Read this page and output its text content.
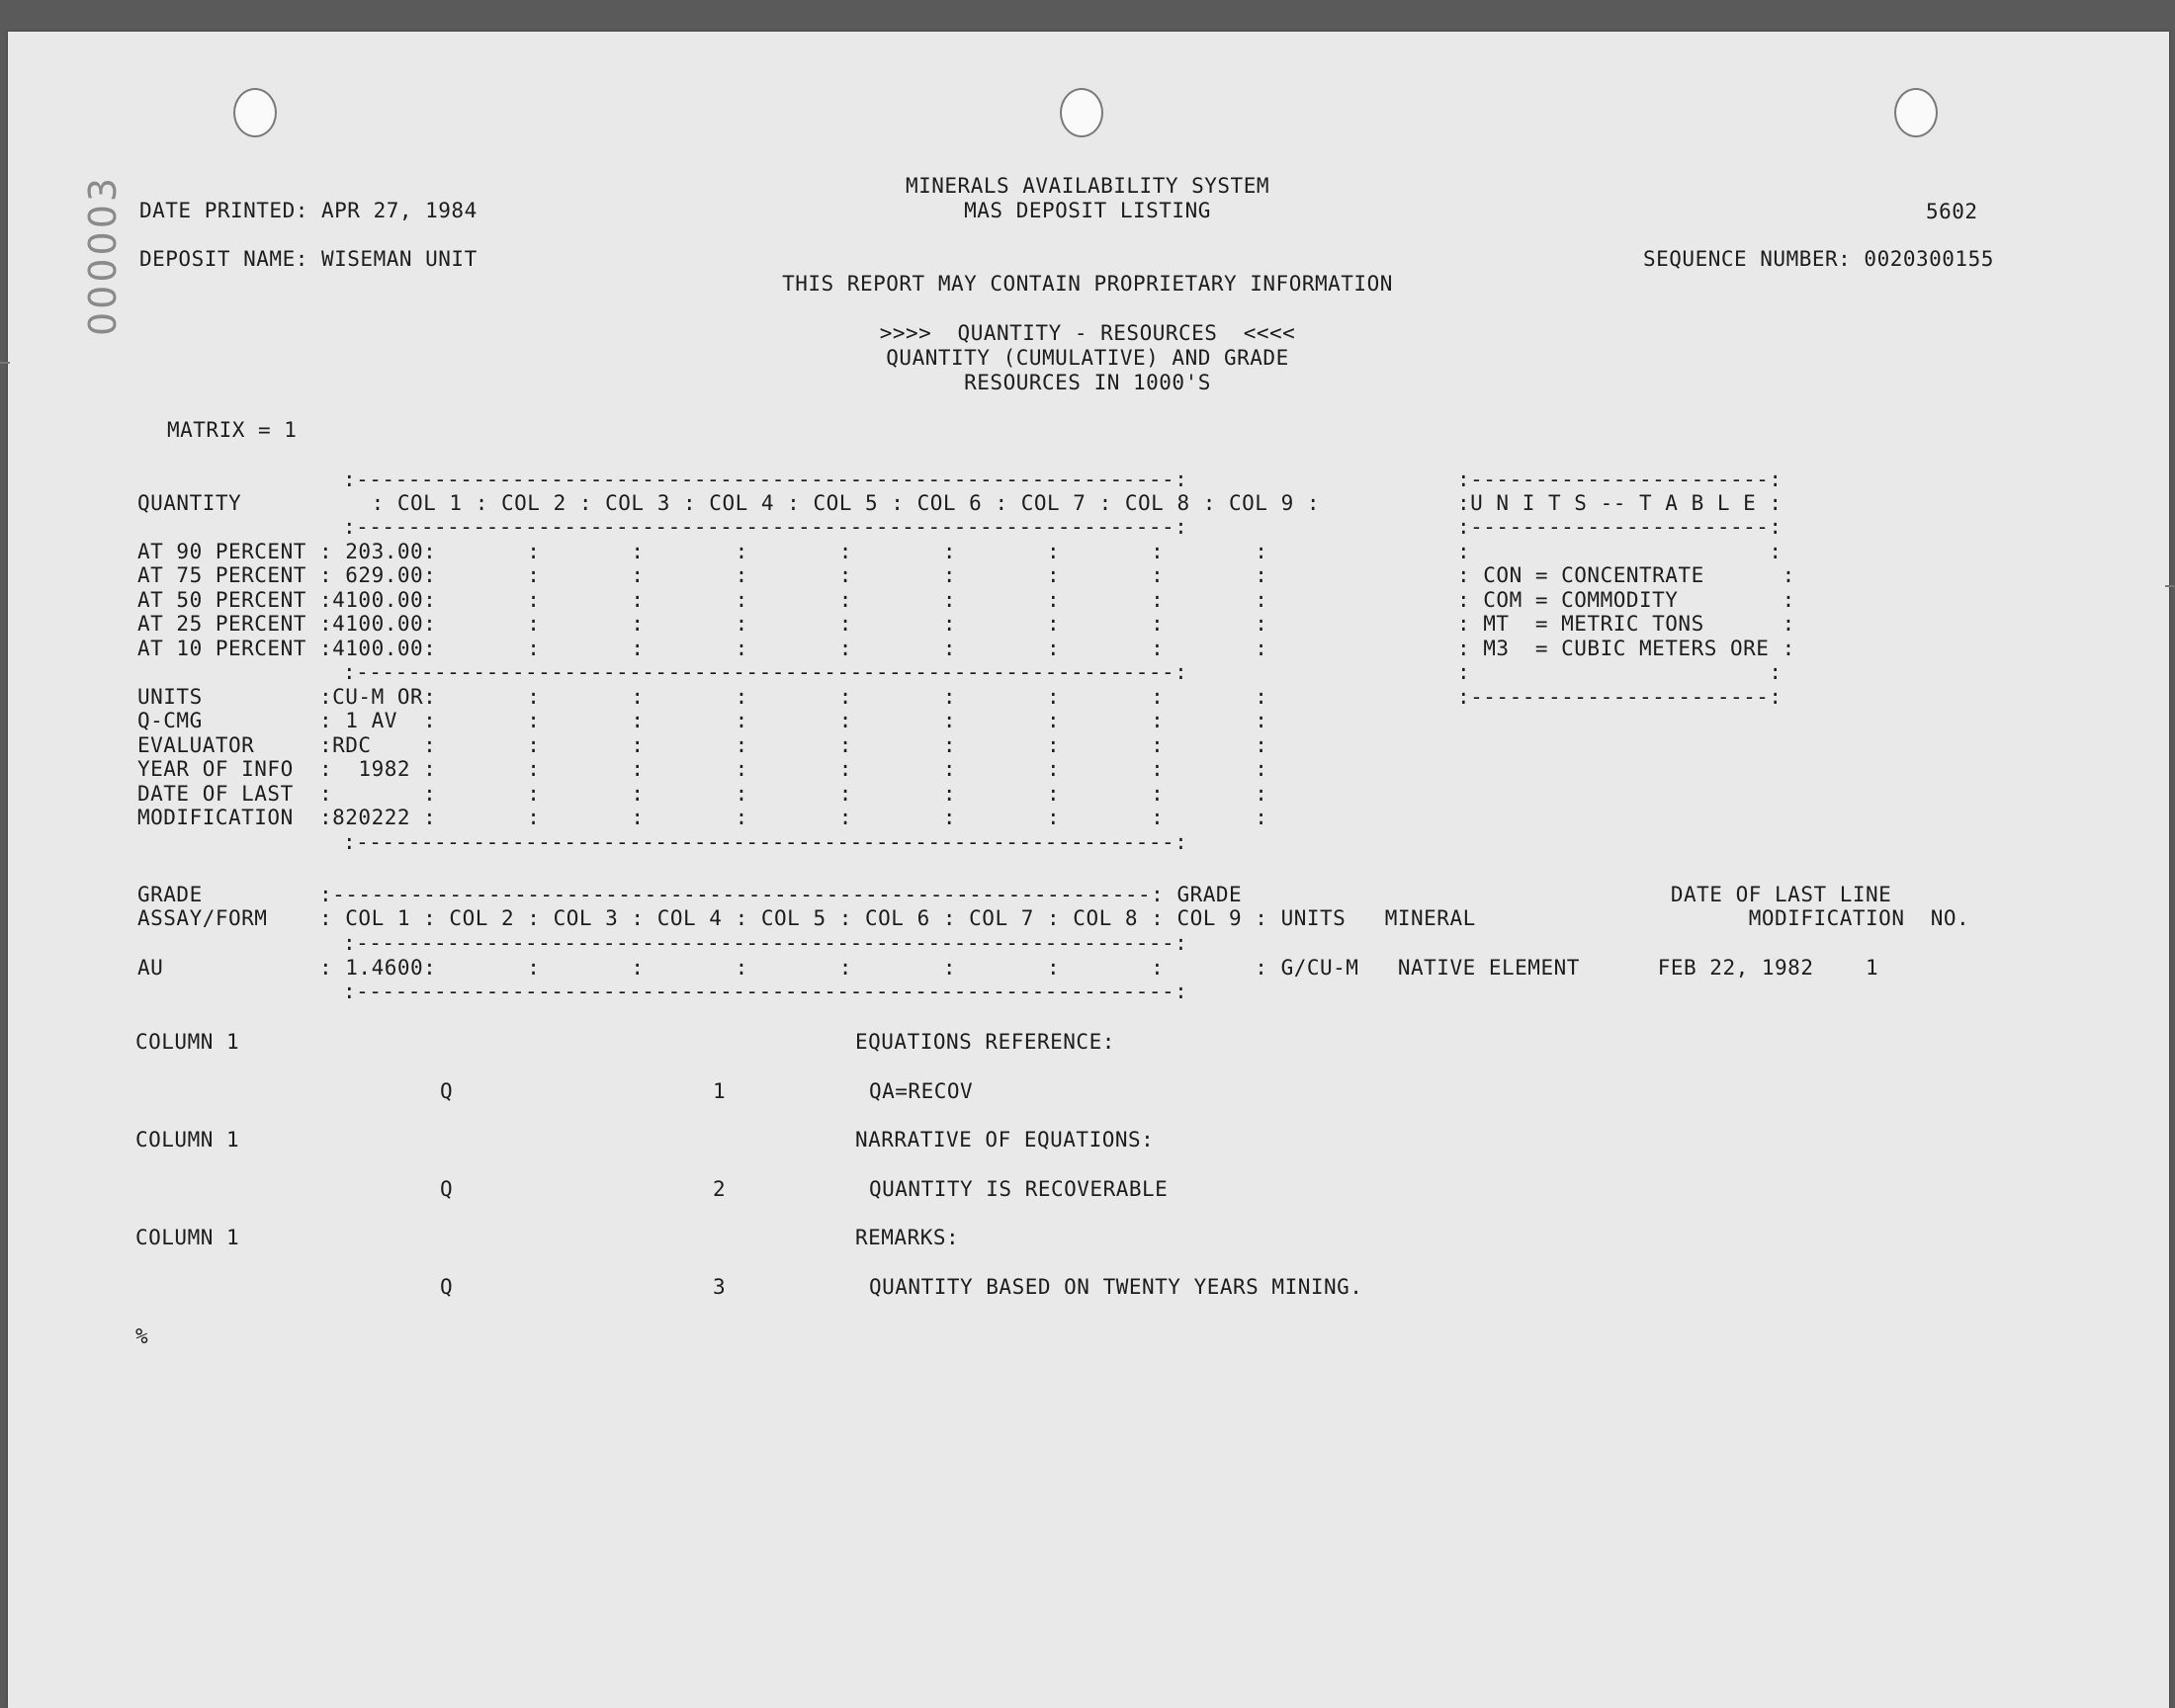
000003	MINERALS AVAILABILITY SYSTEM
MAS DEPOSIT LISTING
DATE PRINTED: APR 27, 1984	5602
DEPOSIT NAME: WISEMAN UNIT	SEQUENCE NUMBER: 0020300155
THIS REPORT MAY CONTAIN PROPRIETARY INFORMATION
>>>>  QUANTITY - RESOURCES  <<<<
QUANTITY (CUMULATIVE) AND GRADE
RESOURCES IN 1000'S
MATRIX = 1
:---------------------------------------------------------------:
QUANTITY          : COL 1 : COL 2 : COL 3 : COL 4 : COL 5 : COL 6 : COL 7 : COL 8 : COL 9 :
:---------------------------------------------------------------:
AT 90 PERCENT : 203.00:       :       :       :       :       :       :       :       :
AT 75 PERCENT : 629.00:       :       :       :       :       :       :       :       :
AT 50 PERCENT :4100.00:       :       :       :       :       :       :       :       :
AT 25 PERCENT :4100.00:       :       :       :       :       :       :       :       :
AT 10 PERCENT :4100.00:       :       :       :       :       :       :       :       :
:---------------------------------------------------------------:
UNITS         :CU-M OR:       :       :       :       :       :       :       :       :
Q-CMG         : 1 AV  :       :       :       :       :       :       :       :       :
EVALUATOR     :RDC    :       :       :       :       :       :       :       :       :
YEAR OF INFO  :  1982 :       :       :       :       :       :       :       :       :
DATE OF LAST  :       :       :       :       :       :       :       :       :       :
MODIFICATION  :820222 :       :       :       :       :       :       :       :       :
:---------------------------------------------------------------:
:-----------------------:
:U N I T S -- T A B L E :
:-----------------------:
:                       :
: CON = CONCENTRATE      :
: COM = COMMODITY        :
: MT  = METRIC TONS      :
: M3  = CUBIC METERS ORE :
:                       :
:-----------------------:
GRADE         :---------------------------------------------------------------: GRADE                                 DATE OF LAST LINE
ASSAY/FORM    : COL 1 : COL 2 : COL 3 : COL 4 : COL 5 : COL 6 : COL 7 : COL 8 : COL 9 : UNITS   MINERAL                     MODIFICATION  NO.
:---------------------------------------------------------------:
AU            : 1.4600:       :       :       :       :       :       :       :       : G/CU-M   NATIVE ELEMENT      FEB 22, 1982    1
:---------------------------------------------------------------:
COLUMN 1	EQUATIONS REFERENCE:
Q	1	QA=RECOV
COLUMN 1	NARRATIVE OF EQUATIONS:
Q	2	QUANTITY IS RECOVERABLE
COLUMN 1	REMARKS:
Q	3	QUANTITY BASED ON TWENTY YEARS MINING.
%
